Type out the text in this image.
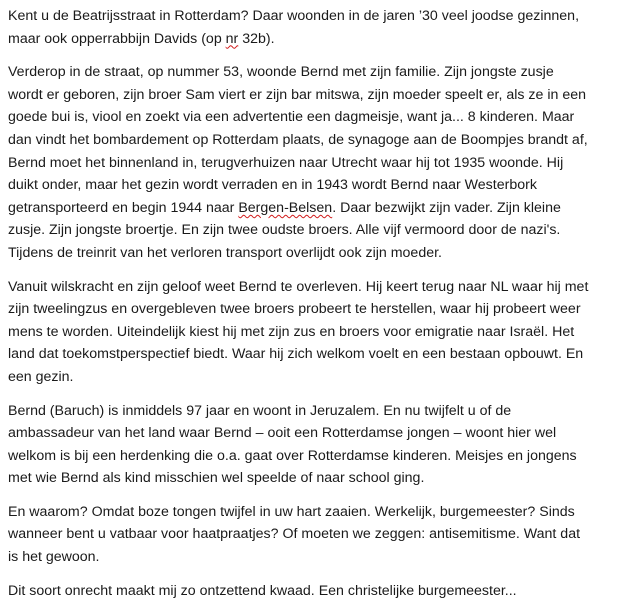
Kent u de Beatrijsstraat in Rotterdam? Daar woonden in de jaren ’30 veel joodse gezinnen,
maar ook opperrabbijn Davids (op nr 32b).

Verderop in de straat, op nummer 53, woonde Bernd met zijn familie. Zijn jongste zusje
wordt er geboren, zijn broer Sam viert er zijn bar mitswa, zijn moeder speelt er, als ze in een
goede bui is, viool en zoekt via een advertentie een dagmeisje, want ja... 8 kinderen. Maar
dan vindt het bombardement op Rotterdam plaats, de synagoge aan de Boompjes brandt af,
Bernd moet het binnenland in, terugverhuizen naar Utrecht waar hij tot 1935 woonde. Hij
duikt onder, maar het gezin wordt verraden en in 1943 wordt Bernd naar Westerbork
getransporteerd en begin 1944 naar Bergen-Belsen. Daar bezwijkt zijn vader. Zijn kleine
zusje. Zijn jongste broertje. En zijn twee oudste broers. Alle vijf vermoord door de nazi's.
Tijdens de treinrit van het verloren transport overlijdt ook zijn moeder.

Vanuit wilskracht en zijn geloof weet Bernd te overleven. Hij keert terug naar NL waar hij met
zijn tweelingzus en overgebleven twee broers probeert te herstellen, waar hij probeert weer
mens te worden. Uiteindelijk kiest hij met zijn zus en broers voor emigratie naar Israël. Het
land dat toekomstperspectief biedt. Waar hij zich welkom voelt en een bestaan opbouwt. En
een gezin.

Bernd (Baruch) is inmiddels 97 jaar en woont in Jeruzalem. En nu twijfelt u of de
ambassadeur van het land waar Bernd – ooit een Rotterdamse jongen – woont hier wel
welkom is bij een herdenking die o.a. gaat over Rotterdamse kinderen. Meisjes en jongens
met wie Bernd als kind misschien wel speelde of naar school ging.

En waarom? Omdat boze tongen twijfel in uw hart zaaien. Werkelijk, burgemeester? Sinds
wanneer bent u vatbaar voor haatpraatjes? Of moeten we zeggen: antisemitisme. Want dat
is het gewoon.

Dit soort onrecht maakt mij zo ontzettend kwaad. Een christelijke burgemeester...
